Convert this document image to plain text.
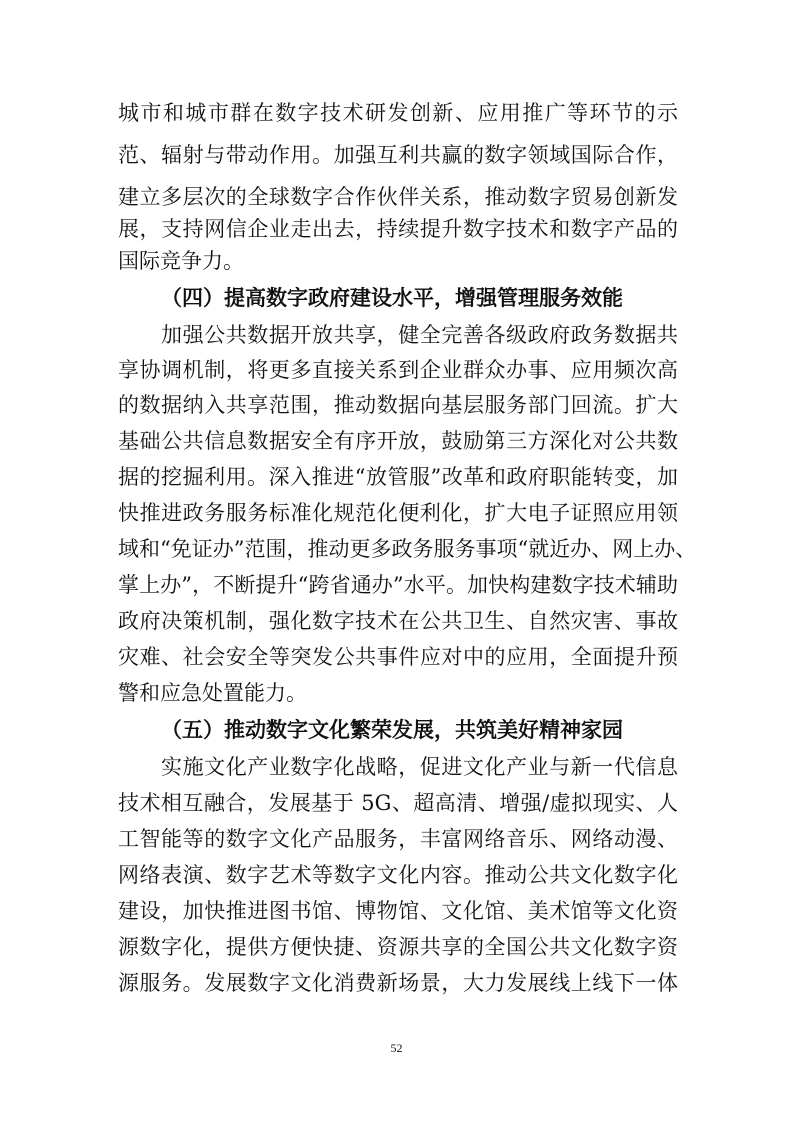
城市和城市群在数字技术研发创新、应用推广等环节的示
范、辐射与带动作用。加强互利共赢的数字领域国际合作，
建立多层次的全球数字合作伙伴关系，推动数字贸易创新发
展，支持网信企业走出去，持续提升数字技术和数字产品的
国际竞争力。
（四）提高数字政府建设水平，增强管理服务效能
加强公共数据开放共享，健全完善各级政府政务数据共
享协调机制，将更多直接关系到企业群众办事、应用频次高
的数据纳入共享范围，推动数据向基层服务部门回流。扩大
基础公共信息数据安全有序开放，鼓励第三方深化对公共数
据的挖掘利用。深入推进“放管服”改革和政府职能转变，加
快推进政务服务标准化规范化便利化，扩大电子证照应用领
域和“免证办”范围，推动更多政务服务事项“就近办、网上办、
掌上办”，不断提升“跨省通办”水平。加快构建数字技术辅助
政府决策机制，强化数字技术在公共卫生、自然灾害、事故
灾难、社会安全等突发公共事件应对中的应用，全面提升预
警和应急处置能力。
（五）推动数字文化繁荣发展，共筑美好精神家园
实施文化产业数字化战略，促进文化产业与新一代信息
技术相互融合，发展基于 5G、超高清、增强/虚拟现实、人
工智能等的数字文化产品服务，丰富网络音乐、网络动漫、
网络表演、数字艺术等数字文化内容。推动公共文化数字化
建设，加快推进图书馆、博物馆、文化馆、美术馆等文化资
源数字化，提供方便快捷、资源共享的全国公共文化数字资
源服务。发展数字文化消费新场景，大力发展线上线下一体
52
